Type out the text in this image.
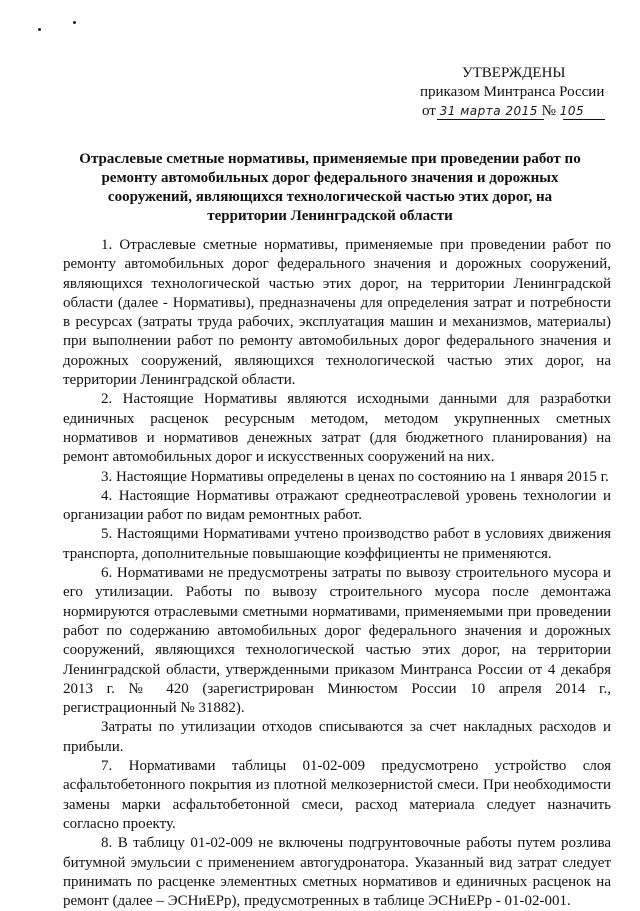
УТВЕРЖДЕНЫ
приказом Минтранса России
от 31 марта 2015 № 105
Отраслевые сметные нормативы, применяемые при проведении работ по ремонту автомобильных дорог федерального значения и дорожных сооружений, являющихся технологической частью этих дорог, на территории Ленинградской области

1. Отраслевые сметные нормативы, применяемые при проведении работ по ремонту автомобильных дорог федерального значения и дорожных сооружений, являющихся технологической частью этих дорог, на территории Ленинградской области (далее - Нормативы), предназначены для определения затрат и потребности в ресурсах (затраты труда рабочих, эксплуатация машин и механизмов, материалы) при выполнении работ по ремонту автомобильных дорог федерального значения и дорожных сооружений, являющихся технологической частью этих дорог, на территории Ленинградской области.

2. Настоящие Нормативы являются исходными данными для разработки единичных расценок ресурсным методом, методом укрупненных сметных нормативов и нормативов денежных затрат (для бюджетного планирования) на ремонт автомобильных дорог и искусственных сооружений на них.

3. Настоящие Нормативы определены в ценах по состоянию на 1 января 2015 г.

4. Настоящие Нормативы отражают среднеотраслевой уровень технологии и организации работ по видам ремонтных работ.

5. Настоящими Нормативами учтено производство работ в условиях движения транспорта, дополнительные повышающие коэффициенты не применяются.

6. Нормативами не предусмотрены затраты по вывозу строительного мусора и его утилизации. Работы по вывозу строительного мусора после демонтажа нормируются отраслевыми сметными нормативами, применяемыми при проведении работ по содержанию автомобильных дорог федерального значения и дорожных сооружений, являющихся технологической частью этих дорог, на территории Ленинградской области, утвержденными приказом Минтранса России от 4 декабря 2013 г. № 420 (зарегистрирован Минюстом России 10 апреля 2014 г., регистрационный № 31882).

Затраты по утилизации отходов списываются за счет накладных расходов и прибыли.

7. Нормативами таблицы 01-02-009 предусмотрено устройство слоя асфальтобетонного покрытия из плотной мелкозернистой смеси. При необходимости замены марки асфальтобетонной смеси, расход материала следует назначить согласно проекту.

8. В таблицу 01-02-009 не включены подгрунтовочные работы путем розлива битумной эмульсии с применением автогудронатора. Указанный вид затрат следует принимать по расценке элементных сметных нормативов и единичных расценок на ремонт (далее – ЭСНиЕРр), предусмотренных в таблице ЭСНиЕРр - 01-02-001.
